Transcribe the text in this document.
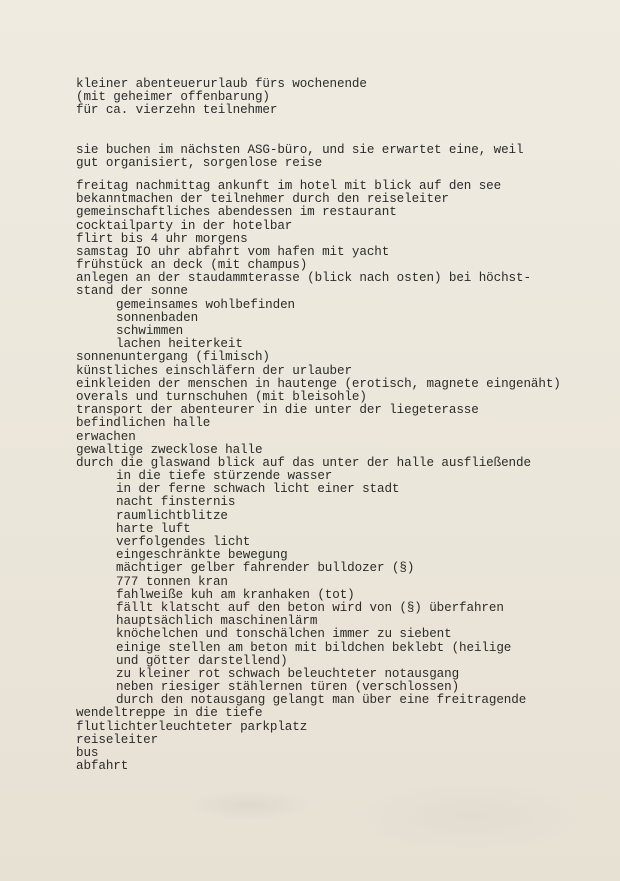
kleiner abenteuerurlaub fürs wochenende
(mit geheimer offenbarung)
für ca. vierzehn teilnehmer
sie buchen im nächsten ASG-büro, und sie erwartet eine, weil
gut organisiert, sorgenlose reise
freitag nachmittag ankunft im hotel mit blick auf den see
bekanntmachen der teilnehmer durch den reiseleiter
gemeinschaftliches abendessen im restaurant
cocktailparty in der hotelbar
flirt bis 4 uhr morgens
samstag IO uhr abfahrt vom hafen mit yacht
frühstück an deck (mit champus)
anlegen an der staudammterasse (blick nach osten) bei höchst-
stand der sonne
gemeinsames wohlbefinden
sonnenbaden
schwimmen
lachen heiterkeit
sonnenuntergang (filmisch)
künstliches einschläfern der urlauber
einkleiden der menschen in hautenge (erotisch, magnete eingenäht)
overals und turnschuhen (mit bleisohle)
transport der abenteurer in die unter der liegeterasse
befindlichen halle
erwachen
gewaltige zwecklose halle
durch die glaswand blick auf das unter der halle ausfließende
in die tiefe stürzende wasser
in der ferne schwach licht einer stadt
nacht finsternis
raumlichtblitze
harte luft
verfolgendes licht
eingeschränkte bewegung
mächtiger gelber fahrender bulldozer (§)
777 tonnen kran
fahlweiße kuh am kranhaken (tot)
fällt klatscht auf den beton wird von (§) überfahren
hauptsächlich maschinenlärm
knöchelchen und tonschälchen immer zu siebent
einige stellen am beton mit bildchen beklebt (heilige
und götter darstellend)
zu kleiner rot schwach beleuchteter notausgang
neben riesiger stählernen türen (verschlossen)
durch den notausgang gelangt man über eine freitragende
wendeltreppe in die tiefe
flutlichterleuchteter parkplatz
reiseleiter
bus
abfahrt
